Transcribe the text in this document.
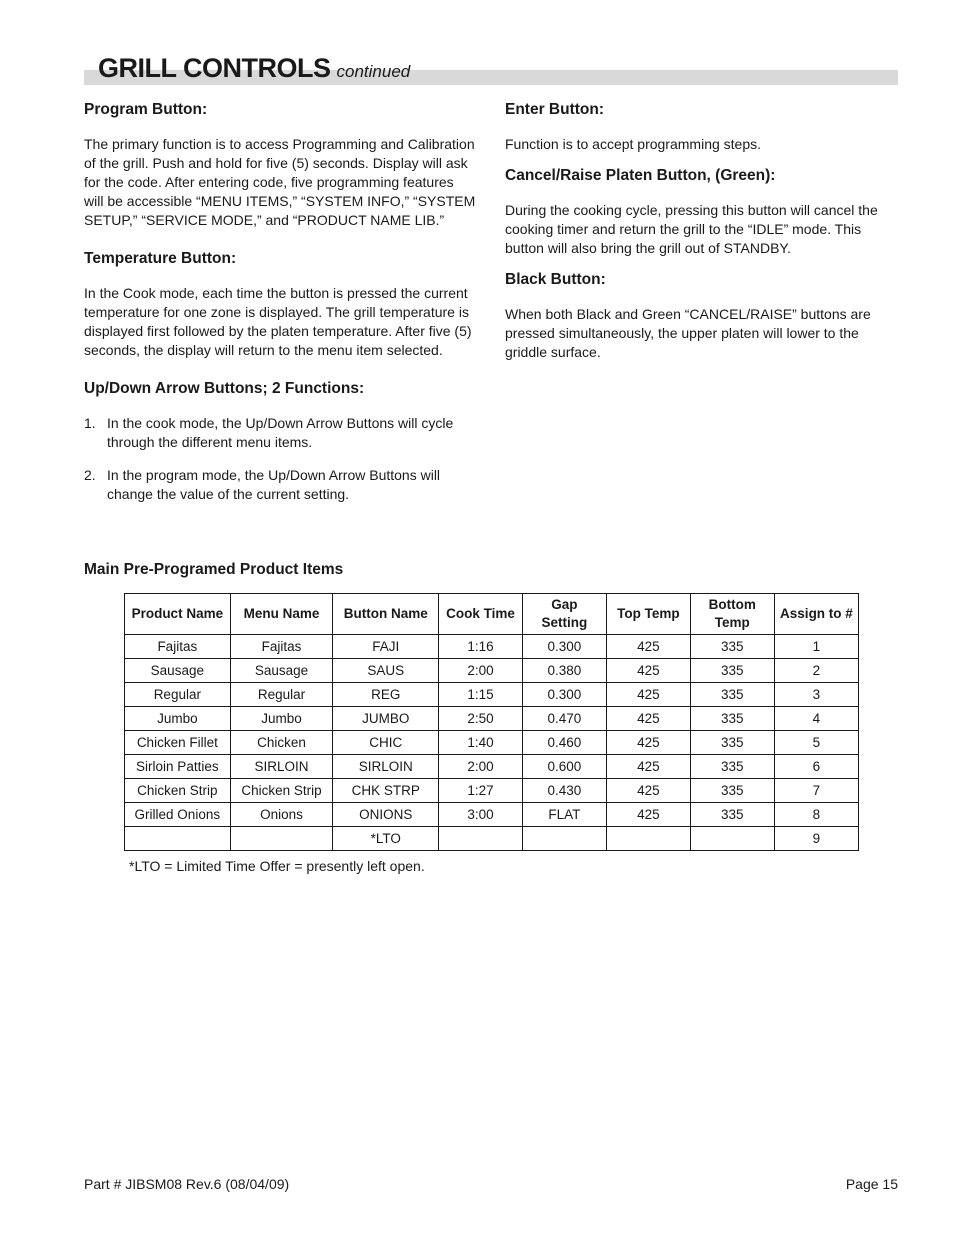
GRILL CONTROLS continued
Program Button:

The primary function is to access Programming and Calibration of the grill. Push and hold for five (5) seconds. Display will ask for the code. After entering code, five programming features will be accessible “MENU ITEMS,” “SYSTEM INFO,” “SYSTEM SETUP,” “SERVICE MODE,” and “PRODUCT NAME LIB.”

Temperature Button:

In the Cook mode, each time the button is pressed the current temperature for one zone is displayed. The grill temperature is displayed first followed by the platen temperature. After five (5) seconds, the display will return to the menu item selected.

Up/Down Arrow Buttons; 2 Functions:
1. In the cook mode, the Up/Down Arrow Buttons will cycle through the different menu items.
2. In the program mode, the Up/Down Arrow Buttons will change the value of the current setting.
Enter Button:

Function is to accept programming steps.

Cancel/Raise Platen Button, (Green):

During the cooking cycle, pressing this button will cancel the cooking timer and return the grill to the “IDLE” mode. This button will also bring the grill out of STANDBY.

Black Button:

When both Black and Green “CANCEL/RAISE” buttons are pressed simultaneously, the upper platen will lower to the griddle surface.

Main Pre-Programed Product Items
Product Name	Menu Name	Button Name	Cook Time	Gap Setting	Top Temp	Bottom Temp	Assign to #
Fajitas	Fajitas	FAJI	1:16	0.300	425	335	1
Sausage	Sausage	SAUS	2:00	0.380	425	335	2
Regular	Regular	REG	1:15	0.300	425	335	3
Jumbo	Jumbo	JUMBO	2:50	0.470	425	335	4
Chicken Fillet	Chicken	CHIC	1:40	0.460	425	335	5
Sirloin Patties	SIRLOIN	SIRLOIN	2:00	0.600	425	335	6
Chicken Strip	Chicken Strip	CHK STRP	1:27	0.430	425	335	7
Grilled Onions	Onions	ONIONS	3:00	FLAT	425	335	8
		*LTO					9
*LTO = Limited Time Offer = presently left open.
Part # JIBSM08 Rev.6 (08/04/09)	Page 15
